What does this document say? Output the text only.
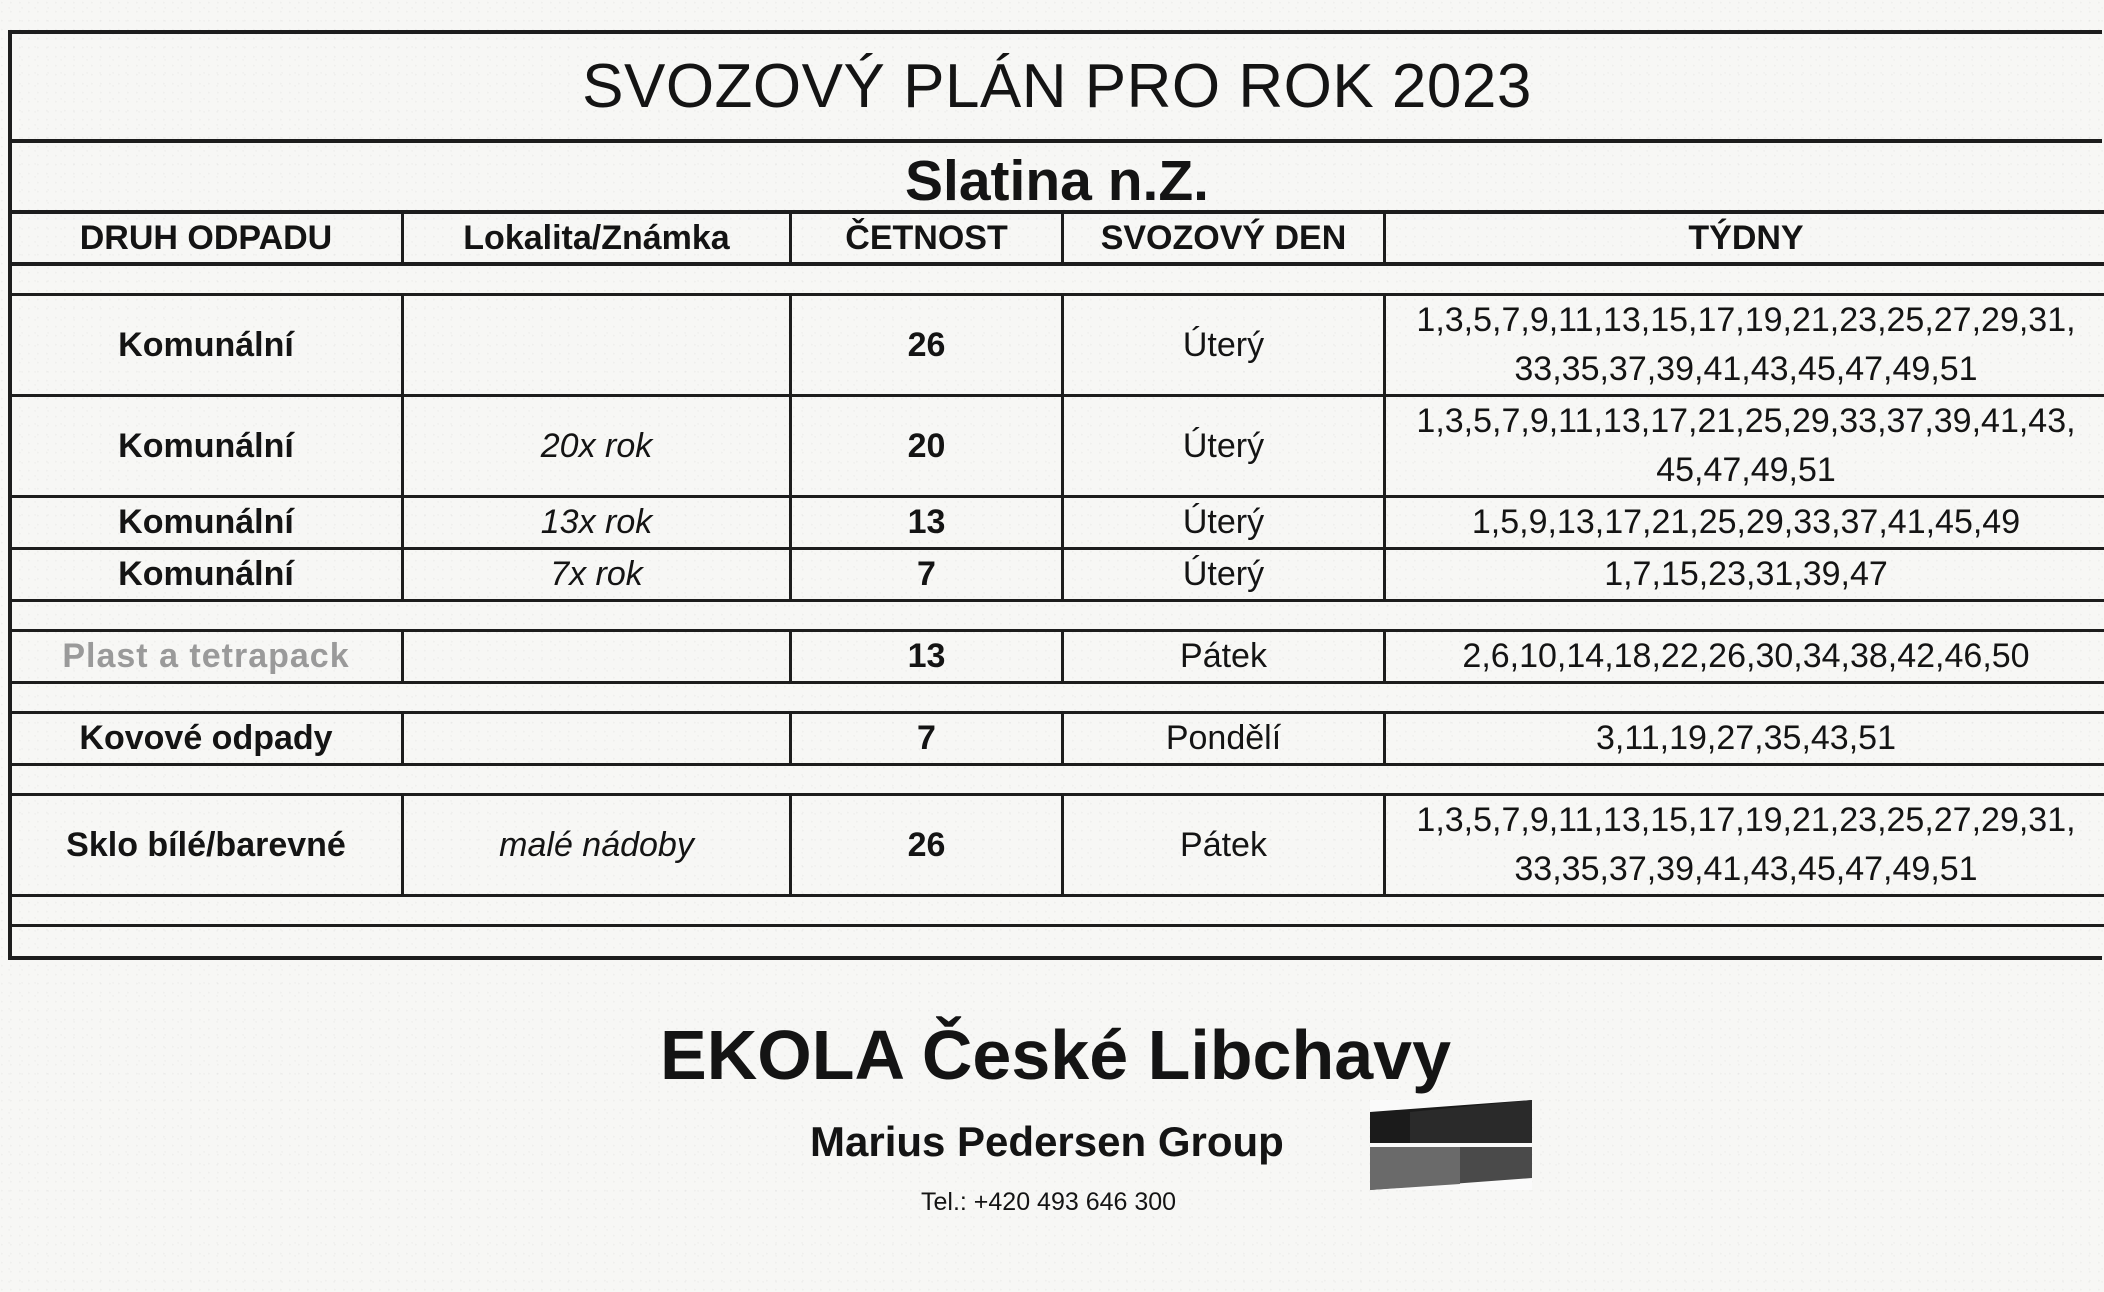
SVOZOVÝ PLÁN PRO ROK 2023
Slatina n.Z.
DRUH ODPADU	Lokalita/Známka	ČETNOST	SVOZOVÝ DEN	TÝDNY

Komunální		26	Úterý	1,3,5,7,9,11,13,15,17,19,21,23,25,27,29,31,
33,35,37,39,41,43,45,47,49,51

Komunální	20x rok	20	Úterý	1,3,5,7,9,11,13,17,21,25,29,33,37,39,41,43,
45,47,49,51

Komunální	13x rok	13	Úterý	1,5,9,13,17,21,25,29,33,37,41,45,49
Komunální	7x rok	7	Úterý	1,7,15,23,31,39,47

Plast a tetrapack		13	Pátek	2,6,10,14,18,22,26,30,34,38,42,46,50

Kovové odpady		7	Pondělí	3,11,19,27,35,43,51

Sklo bílé/barevné	malé nádoby	26	Pátek	1,3,5,7,9,11,13,15,17,19,21,23,25,27,29,31,
33,35,37,39,41,43,45,47,49,51

EKOLA České Libchavy
Marius Pedersen Group
Tel.: +420 493 646 300
